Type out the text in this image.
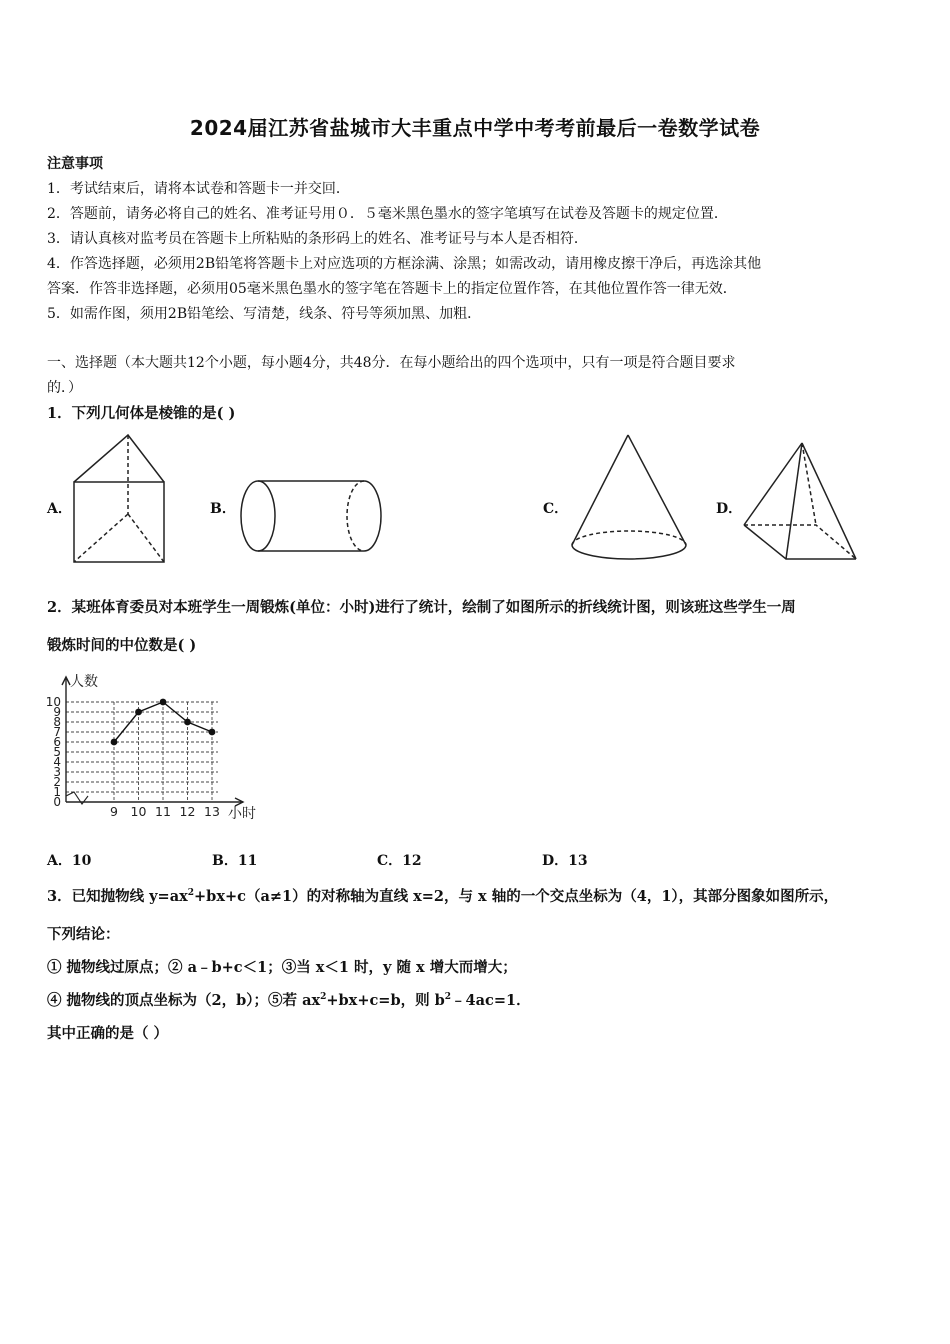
2024届江苏省盐城市大丰重点中学中考考前最后一卷数学试卷
注意事项
1．考试结束后，请将本试卷和答题卡一并交回．
2．答题前，请务必将自己的姓名、准考证号用０．５毫米黑色墨水的签字笔填写在试卷及答题卡的规定位置．
3．请认真核对监考员在答题卡上所粘贴的条形码上的姓名、准考证号与本人是否相符．
4．作答选择题，必须用2B铅笔将答题卡上对应选项的方框涂满、涂黑；如需改动，请用橡皮擦干净后，再选涂其他
答案．作答非选择题，必须用05毫米黑色墨水的签字笔在答题卡上的指定位置作答，在其他位置作答一律无效．
5．如需作图，须用2B铅笔绘、写清楚，线条、符号等须加黑、加粗．
一、选择题（本大题共12个小题，每小题4分，共48分．在每小题给出的四个选项中，只有一项是符合题目要求
的．）
1．下列几何体是棱锥的是( )
A．	B．	C．	D．
2．某班体育委员对本班学生一周锻炼(单位：小时)进行了统计，绘制了如图所示的折线统计图，则该班这些学生一周
锻炼时间的中位数是( )
0
1
2
3
4
5
6
7
8
9
10
9 10 11 12 13
人数
小时
A．10	B．11	C．12	D．13
3．已知抛物线 $y=ax^2+bx+c(a\ne 1)$的对称轴为直线 x=2，与 x 轴的一个交点坐标为（4，1），其部分图象如图所示，
下列结论：
① 抛物线过原点；② a﹣b+c＜1；③当 x＜1 时，y 随 x 增大而增大；
④ 抛物线的顶点坐标为（2，b）；⑤若 $ax^2+bx+c=b$，则 $b^2﹣4ac=1$．
其中正确的是（ ）
